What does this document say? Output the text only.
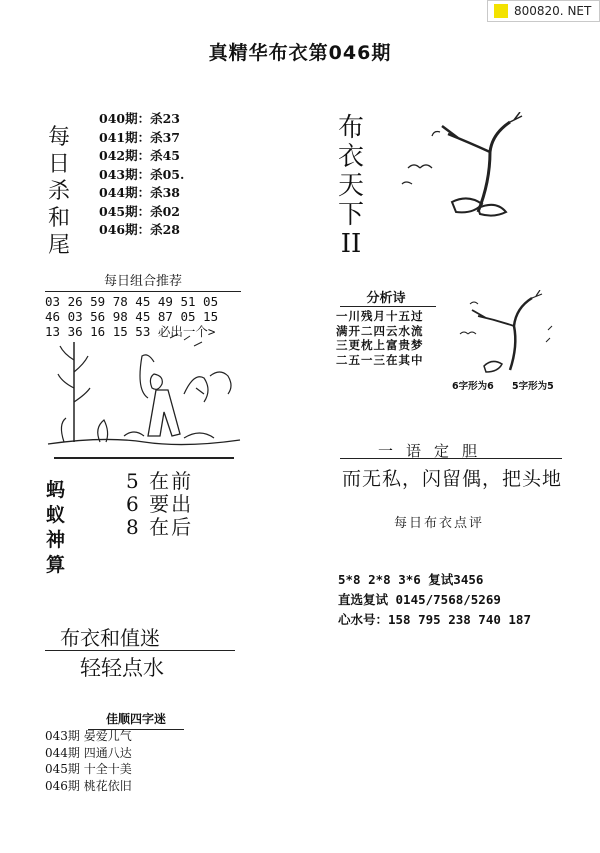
800820. NET
真精华布衣第046期
每
日
杀
和
尾
040期：杀23
041期：杀37
042期：杀45
043期：杀05.
044期：杀38
045期：杀02
046期：杀28
每日组合推荐
03 26 59 78 45 49 51 05
46 03 56 98 45 87 05 15
13 36 16 15 53 必出一个>
蚂
蚁
神
算
5 在前
6 要出
8 在后
布衣和值迷
轻轻点水
佳顺四字迷
043期 晏爱儿气
044期 四通八达
045期 十全十美
046期 桃花依旧
布
衣
天
下
II
分析诗
一川残月十五过
满开二四云水流
三更枕上富贵梦
二五一三在其中
6字形为6 5字形为5
一语定胆
而无私，闪留偶，把头地
每日布衣点评
5*8 2*8 3*6 复试3456
直选复试 0145/7568/5269
心水号：158 795 238 740 187
